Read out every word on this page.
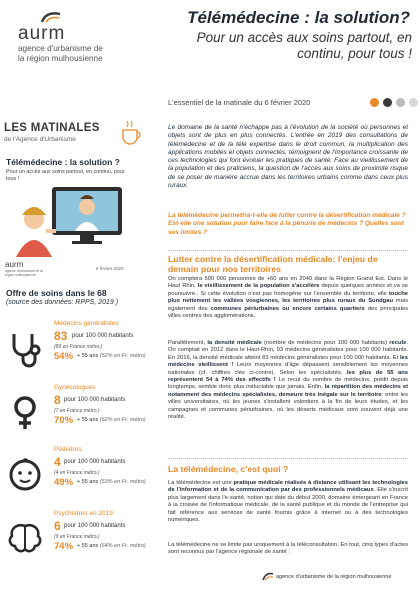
aurm
agence d'urbanisme de
la région mulhousienne
Télémédecine : la solution?
Pour un accès aux soins partout, en
continu, pour tous !
L'essentiel de la matinale du 6 février 2020
LES MATINALES
de l'Agence d'Urbanisme
Télémédecine : la solution ?
Pour un accès aux soins partout, en continu, pour tous !
aurm
agence d'urbanisme de la région mulhousienne
6 février 2020
Offre de soins dans le 68
(source des données: RPPS, 2019 )
Médecins généralistes
83 pour 100 000 habitants
(89 en France métro.)
54% + 55 ans (52% en Fr. métro)
Gynécologues
8 pour 100 000 habitants
(7 en France métro.)
70% + 55 ans (62% en Fr. métro)
Pédiatres
4 pour 100 000 habitants
(4 en France métro.)
49% + 55 ans (53% en Fr. métro)
Psychiatres en 2019
6 pour 100 000 habitants
(9 en France métro.)
74% + 55 ans (64% en Fr. métro)
Le domaine de la santé n'échappe pas à l'évolution de la société où personnes et objets sont de plus en plus connectés. L'entrée en 2019 des consultations de télémédecine et de la télé expertise dans le droit commun, la multiplication des applications mobiles et objets connectés, témoignent de l'importance croissante de ces technologies qui font évoluer les pratiques de santé. Face au vieillissement de la population et des praticiens, la question de l'accès aux soins de proximité risque de se poser de manière accrue dans les territoires urbains comme dans ceux plus ruraux.
La télémédecine permettra-t-elle de lutter contre la désertification médicale ? Est-elle une solution pour faire face à la pénurie de médecins ? Quelles sont ses limites ?
Lutter contre la désertification médicale: l'enjeu de demain pour nos territoires
On comptera 500 000 personnes de +60 ans en 2040 dans la Région Grand Est. Dans le Haut Rhin, le vieillissement de la population s'accélère depuis quelques années et va se poursuivre.. Si cette évolution n'est pas homogène sur l'ensemble du territoire, elle touche plus nettement les vallées vosgiennes, les territoires plus ruraux du Sundgau mais également des communes périurbaines ou encore certains quartiers des principales villes centres des agglomérations.
Parallèlement, la densité médicale (nombre de médecins pour 100 000 habitants) recule. On comptait en 2012 dans le Haut-Rhin, 93 médecins généralistes pour 100 000 habitants. En 2016, la densité médicale atteint 83 médecins généralistes pour 100 000 habitants. Et les médecins vieillissent ! Leurs moyennes d'âge dépassent sensiblement les moyennes nationales (cf. chiffres clés ci-contre). Selon les spécialistés, les plus de 55 ans représentent 54 à 74% des effectifs ! Le recul du nombre de médecins, prédit depuis longtemps, semble donc plus inéluctable que jamais. Enfin, la répartition des médecins et notamment des médecins spécialistes, demeure très inégale sur le territoire: entre les villes universitaires, où les jeunes s'installent volontiers à la fin de leurs études, et les campagnes et communes périurbaines, où les déserts médicaux sont souvent déjà une réalité.
La télémédecine, c'est quoi ?
La télémédecine est une pratique médicale réalisée à distance utilisant les technologies de l'information et de la communication par des professionnels médicaux. Elle s'inscrit plus largement dans l'e-santé, notion qui date du début 2000, domaine émergeant en France à la croisée de l'informatique médicale, de la santé publique et du monde de l'entreprise qui fait référence aux services de santé fournis grâce à internet ou à des technologies numériques.
La télémédecine ne se limite pas uniquement à la téléconsultation. En tout, cinq types d'actes sont reconnus par l'agence régionale de santé :
agence d'urbanisme de la région mulhousienne
